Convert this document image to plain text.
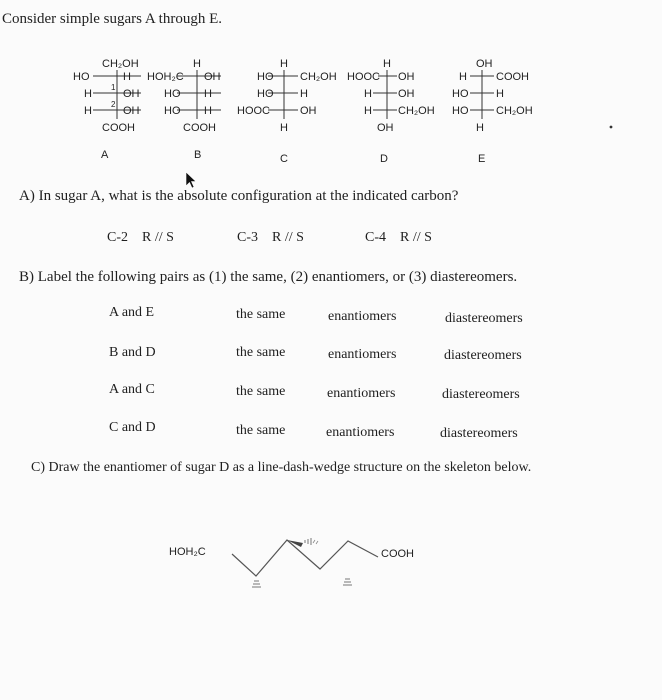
Consider simple sugars A through E.
CH₂OH
HO	H
H	OH
H	OH
COOH
1
2
H
HOH₂C OH
HO H
HO H
COOH
H
HO CH₂OH
HO H
HOOC	OH
H
H
HOOC OH
H OH
H CH₂OH
OH
OH
H	COOH
HO	H
HO	CH₂OH
H
A	B	C	D	E
A) In sugar A, what is the absolute configuration at the indicated carbon?
C-2 R // S	C-3 R // S	C-4 R // S
B) Label the following pairs as (1) the same, (2) enantiomers, or (3) diastereomers.
A and E	the same	enantiomers	diastereomers
B and D	the same	enantiomers	diastereomers
A and C	the same	enantiomers	diastereomers
C and D	the same	enantiomers	diastereomers
C) Draw the enantiomer of sugar D as a line-dash-wedge structure on the skeleton below.
HOH₂C	COOH
